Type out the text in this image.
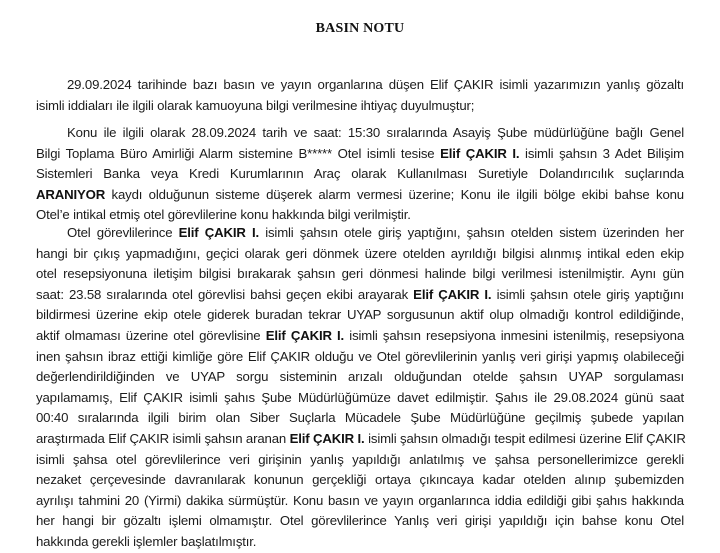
BASIN NOTU
29.09.2024 tarihinde bazı basın ve yayın organlarına düşen Elif ÇAKIR isimli yazarımızın yanlış gözaltı
isimli iddiaları ile ilgili olarak kamuoyuna bilgi verilmesine ihtiyaç duyulmuştur;
Konu ile ilgili olarak 28.09.2024 tarih ve saat: 15:30 sıralarında Asayiş Şube müdürlüğüne bağlı Genel
Bilgi Toplama Büro Amirliği Alarm sistemine B***** Otel isimli tesise Elif ÇAKIR I. isimli şahsın 3 Adet Bilişim
Sistemleri Banka veya Kredi Kurumlarının Araç olarak Kullanılması Suretiyle Dolandırıcılık suçlarında
ARANIYOR kaydı olduğunun sisteme düşerek alarm vermesi üzerine; Konu ile ilgili bölge ekibi bahse konu
Otel’e intikal etmiş otel görevlilerine konu hakkında bilgi verilmiştir.
Otel görevlilerince Elif ÇAKIR I. isimli şahsın otele giriş yaptığını, şahsın otelden sistem üzerinden her
hangi bir çıkış yapmadığını, geçici olarak geri dönmek üzere otelden ayrıldığı bilgisi alınmış intikal eden ekip
otel resepsiyonuna iletişim bilgisi bırakarak şahsın geri dönmesi halinde bilgi verilmesi istenilmiştir. Aynı gün
saat: 23.58 sıralarında otel görevlisi bahsi geçen ekibi arayarak Elif ÇAKIR I. isimli şahsın otele giriş yaptığını
bildirmesi üzerine ekip otele giderek buradan tekrar UYAP sorgusunun aktif olup olmadığı kontrol edildiğinde,
aktif olmaması üzerine otel görevlisine Elif ÇAKIR I. isimli şahsın resepsiyona inmesini istenilmiş, resepsiyona
inen şahsın ibraz ettiği kimliğe göre Elif ÇAKIR olduğu ve Otel görevlilerinin yanlış veri girişi yapmış olabileceği
değerlendirildiğinden ve UYAP sorgu sisteminin arızalı olduğundan otelde şahsın UYAP sorgulaması
yapılamamış, Elif ÇAKIR isimli şahıs Şube Müdürlüğümüze davet edilmiştir. Şahıs ile 29.08.2024 günü saat
00:40 sıralarında ilgili birim olan Siber Suçlarla Mücadele Şube Müdürlüğüne geçilmiş şubede yapılan
araştırmada Elif ÇAKIR isimli şahsın aranan Elif ÇAKIR I. isimli şahsın olmadığı tespit edilmesi üzerine Elif ÇAKIR
isimli şahsa otel görevlilerince veri girişinin yanlış yapıldığı anlatılmış ve şahsa personellerimizce gerekli
nezaket çerçevesinde davranılarak konunun gerçekliği ortaya çıkıncaya kadar otelden alınıp şubemizden
ayrılışı tahmini 20 (Yirmi) dakika sürmüştür. Konu basın ve yayın organlarınca iddia edildiği gibi şahıs hakkında
her hangi bir gözaltı işlemi olmamıştır. Otel görevlilerince Yanlış veri girişi yapıldığı için bahse konu Otel
hakkında gerekli işlemler başlatılmıştır.
